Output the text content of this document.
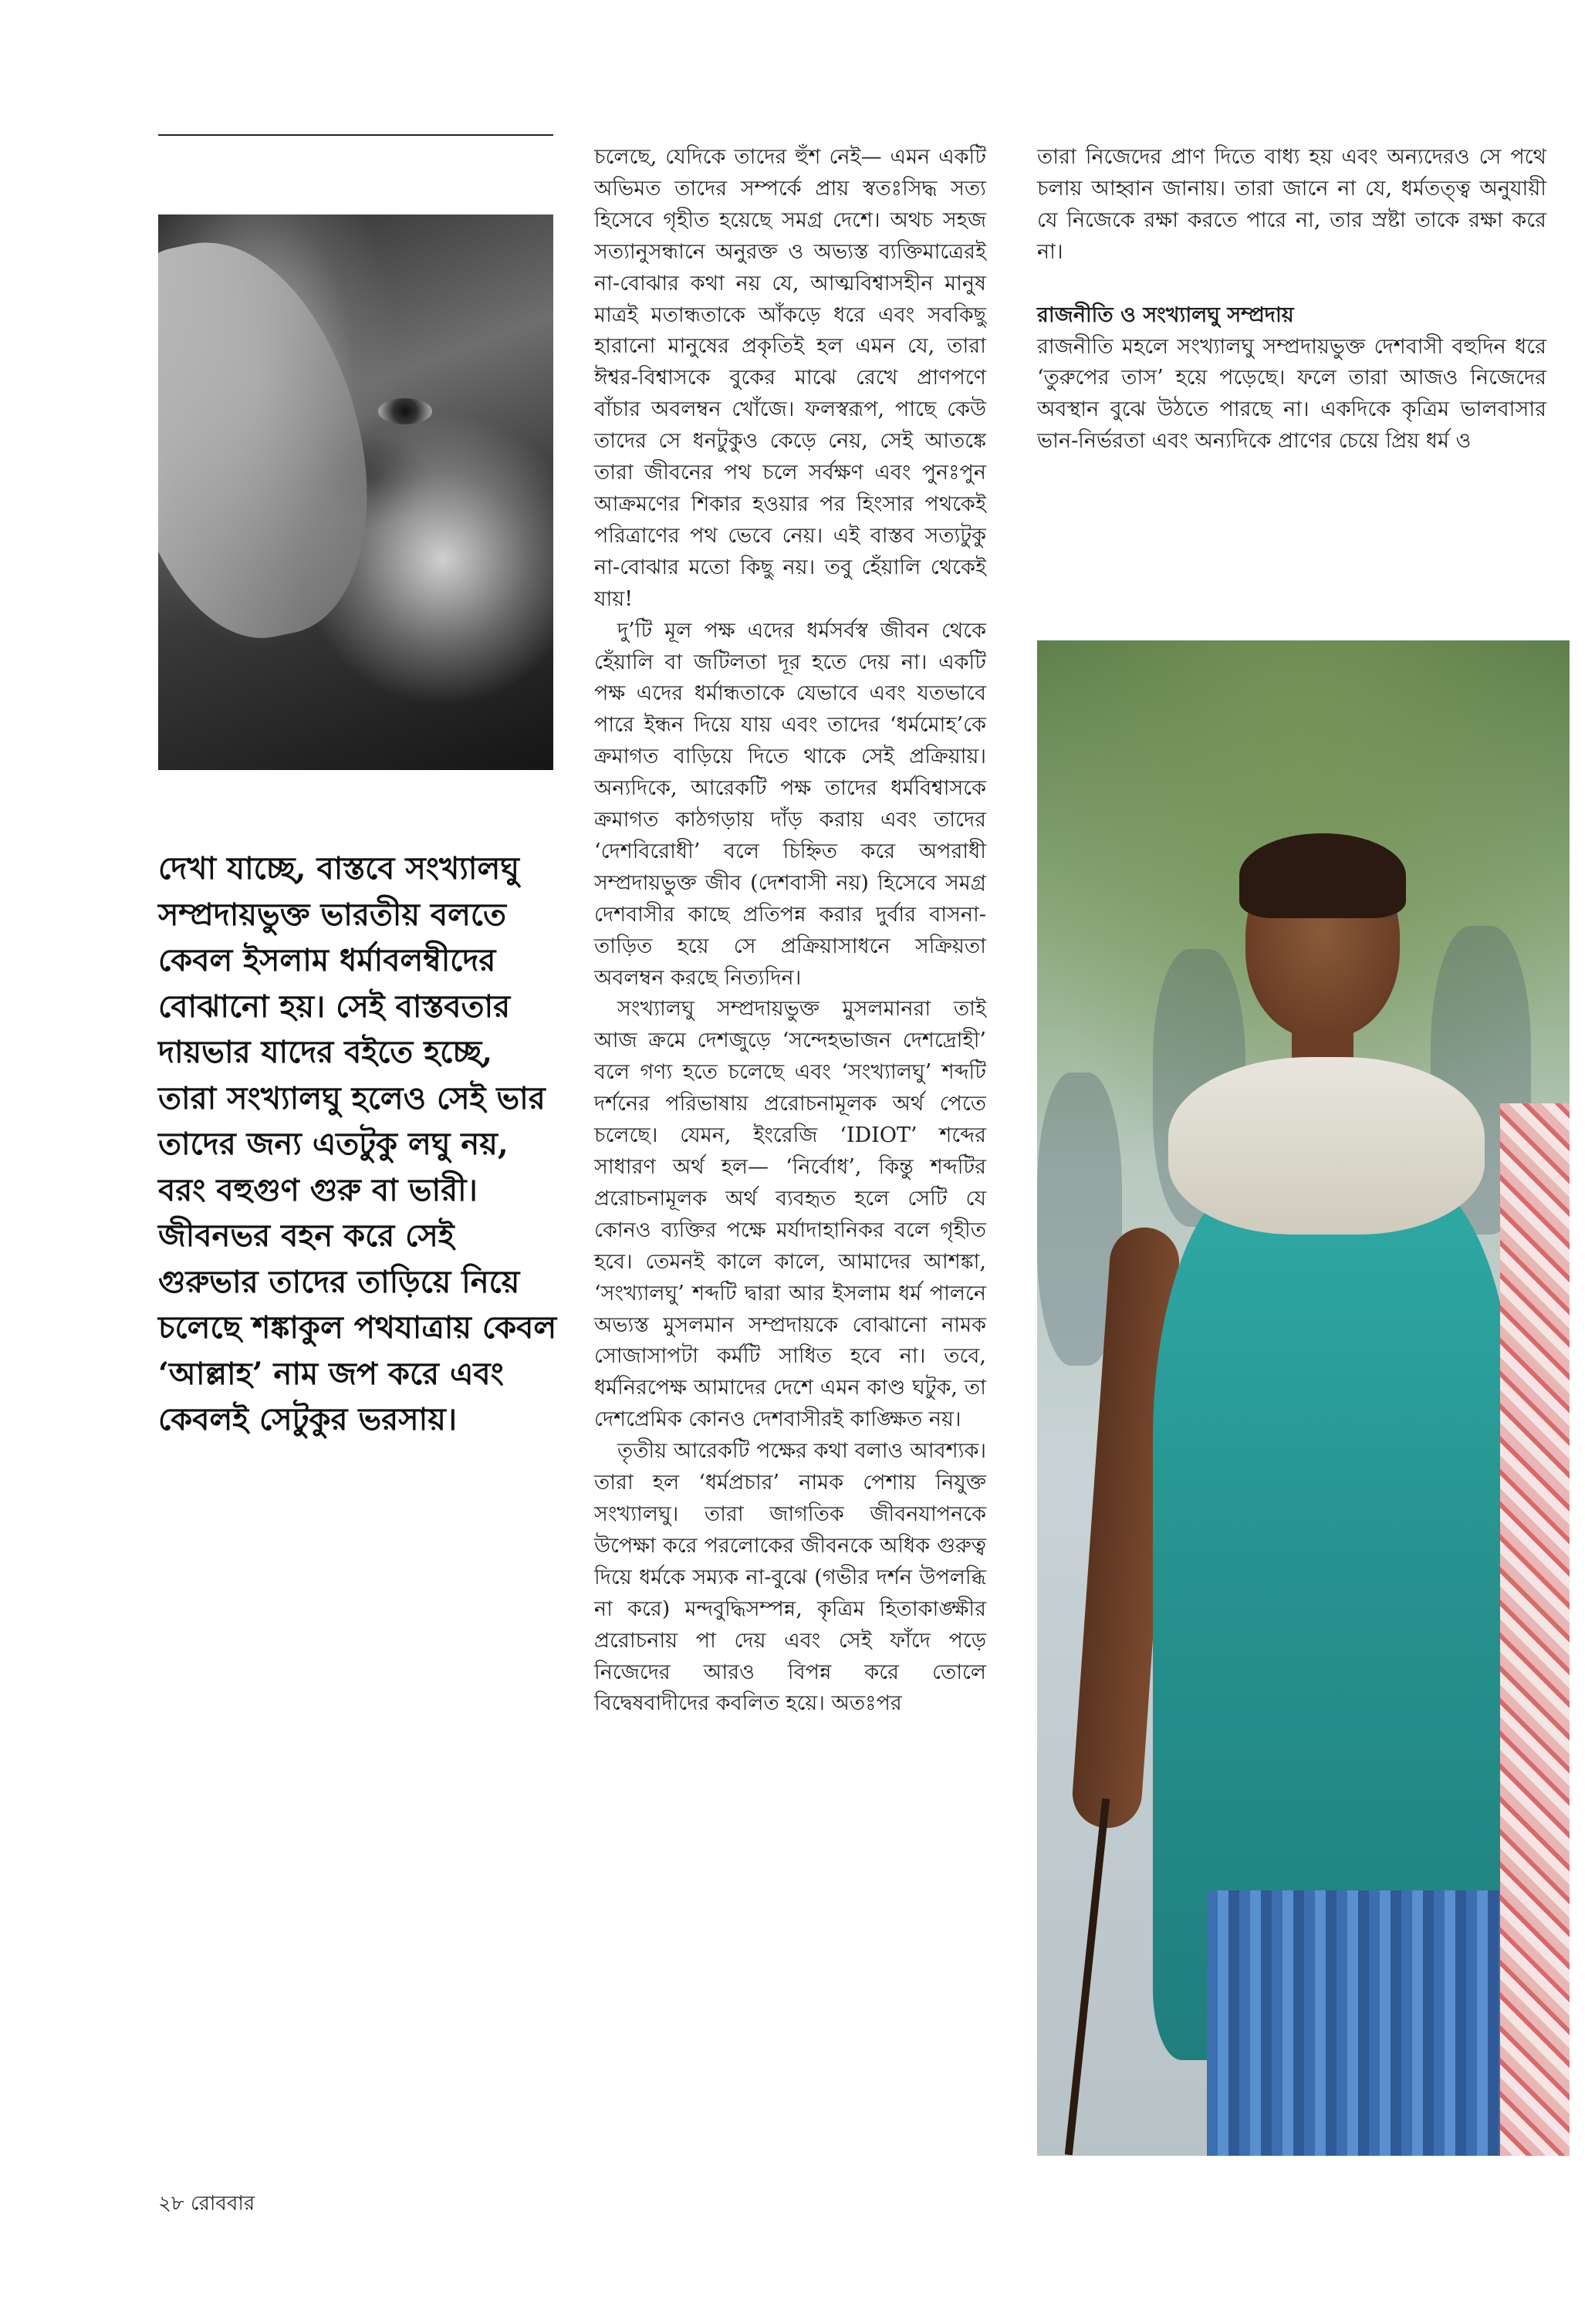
দেখা যাচ্ছে, বাস্তবে সংখ্যালঘু সম্প্রদায়ভুক্ত ভারতীয় বলতে কেবল ইসলাম ধর্মাবলম্বীদের বোঝানো হয়। সেই বাস্তবতার দায়ভার যাদের বইতে হচ্ছে, তারা সংখ্যালঘু হলেও সেই ভার তাদের জন্য এতটুকু লঘু নয়, বরং বহুগুণ গুরু বা ভারী। জীবনভর বহন করে সেই গুরুভার তাদের তাড়িয়ে নিয়ে চলেছে শঙ্কাকুল পথযাত্রায় কেবল ‘আল্লাহ’ নাম জপ করে এবং কেবলই সেটুকুর ভরসায়।

চলেছে, যেদিকে তাদের হুঁশ নেই— এমন একটি অভিমত তাদের সম্পর্কে প্রায় স্বতঃসিদ্ধ সত্য হিসেবে গৃহীত হয়েছে সমগ্র দেশে। অথচ সহজ সত্যানুসন্ধানে অনুরক্ত ও অভ্যস্ত ব্যক্তিমাত্রেরই না-বোঝার কথা নয় যে, আত্মবিশ্বাসহীন মানুষ মাত্রই মতান্ধতাকে আঁকড়ে ধরে এবং সবকিছু হারানো মানুষের প্রকৃতিই হল এমন যে, তারা ঈশ্বর-বিশ্বাসকে বুকের মাঝে রেখে প্রাণপণে বাঁচার অবলম্বন খোঁজে। ফলস্বরূপ, পাছে কেউ তাদের সে ধনটুকুও কেড়ে নেয়, সেই আতঙ্কে তারা জীবনের পথ চলে সর্বক্ষণ এবং পুনঃপুন আক্রমণের শিকার হওয়ার পর হিংসার পথকেই পরিত্রাণের পথ ভেবে নেয়। এই বাস্তব সত্যটুকু না-বোঝার মতো কিছু নয়। তবু হেঁয়ালি থেকেই যায়!

দু’টি মূল পক্ষ এদের ধর্মসর্বস্ব জীবন থেকে হেঁয়ালি বা জটিলতা দূর হতে দেয় না। একটি পক্ষ এদের ধর্মান্ধতাকে যেভাবে এবং যতভাবে পারে ইন্ধন দিয়ে যায় এবং তাদের ‘ধর্মমোহ’কে ক্রমাগত বাড়িয়ে দিতে থাকে সেই প্রক্রিয়ায়। অন্যদিকে, আরেকটি পক্ষ তাদের ধর্মবিশ্বাসকে ক্রমাগত কাঠগড়ায় দাঁড় করায় এবং তাদের ‘দেশবিরোধী’ বলে চিহ্নিত করে অপরাধী সম্প্রদায়ভুক্ত জীব (দেশবাসী নয়) হিসেবে সমগ্র দেশবাসীর কাছে প্রতিপন্ন করার দুর্বার বাসনা-তাড়িত হয়ে সে প্রক্রিয়াসাধনে সক্রিয়তা অবলম্বন করছে নিত্যদিন।

সংখ্যালঘু সম্প্রদায়ভুক্ত মুসলমানরা তাই আজ ক্রমে দেশজুড়ে ‘সন্দেহভাজন দেশদ্রোহী’ বলে গণ্য হতে চলেছে এবং ‘সংখ্যালঘু’ শব্দটি দর্শনের পরিভাষায় প্ররোচনামূলক অর্থ পেতে চলেছে। যেমন, ইংরেজি ‘IDIOT’ শব্দের সাধারণ অর্থ হল— ‘নির্বোধ’, কিন্তু শব্দটির প্ররোচনামূলক অর্থ ব্যবহৃত হলে সেটি যে কোনও ব্যক্তির পক্ষে মর্যাদাহানিকর বলে গৃহীত হবে। তেমনই কালে কালে, আমাদের আশঙ্কা, ‘সংখ্যালঘু’ শব্দটি দ্বারা আর ইসলাম ধর্ম পালনে অভ্যস্ত মুসলমান সম্প্রদায়কে বোঝানো নামক সোজাসাপটা কর্মটি সাধিত হবে না। তবে, ধর্মনিরপেক্ষ আমাদের দেশে এমন কাণ্ড ঘটুক, তা দেশপ্রেমিক কোনও দেশবাসীরই কাঙ্ক্ষিত নয়।

তৃতীয় আরেকটি পক্ষের কথা বলাও আবশ্যক। তারা হল ‘ধর্মপ্রচার’ নামক পেশায় নিযুক্ত সংখ্যালঘু। তারা জাগতিক জীবনযাপনকে উপেক্ষা করে পরলোকের জীবনকে অধিক গুরুত্ব দিয়ে ধর্মকে সম্যক না-বুঝে (গভীর দর্শন উপলব্ধি না করে) মন্দবুদ্ধিসম্পন্ন, কৃত্রিম হিতাকাঙ্ক্ষীর প্ররোচনায় পা দেয় এবং সেই ফাঁদে পড়ে নিজেদের আরও বিপন্ন করে তোলে বিদ্বেষবাদীদের কবলিত হয়ে। অতঃপর

তারা নিজেদের প্রাণ দিতে বাধ্য হয় এবং অন্যদেরও সে পথে চলায় আহ্বান জানায়। তারা জানে না যে, ধর্মতত্ত্ব অনুযায়ী যে নিজেকে রক্ষা করতে পারে না, তার স্রষ্টা তাকে রক্ষা করে না।

রাজনীতি ও সংখ্যালঘু সম্প্রদায়

রাজনীতি মহলে সংখ্যালঘু সম্প্রদায়ভুক্ত দেশবাসী বহুদিন ধরে ‘তুরুপের তাস’ হয়ে পড়েছে। ফলে তারা আজও নিজেদের অবস্থান বুঝে উঠতে পারছে না। একদিকে কৃত্রিম ভালবাসার ভান-নির্ভরতা এবং অন্যদিকে প্রাণের চেয়ে প্রিয় ধর্ম ও

২৮ রোববার
